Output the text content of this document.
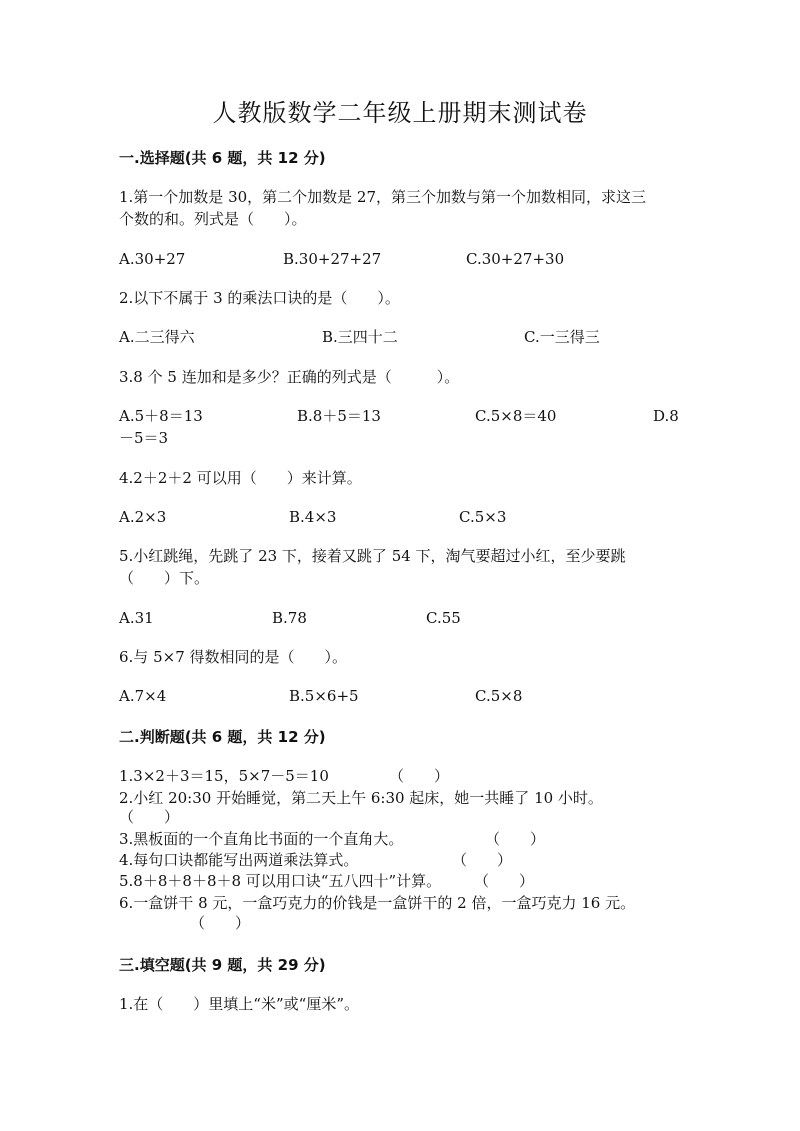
人教版数学二年级上册期末测试卷
一.选择题(共 6 题，共 12 分)
1.第一个加数是 30，第二个加数是 27，第三个加数与第一个加数相同，求这三
个数的和。列式是（　　）。
A.30+27	B.30+27+27	C.30+27+30
2.以下不属于 3 的乘法口诀的是（　　）。
A.二三得六	B.三四十二	C.一三得三
3.8 个 5 连加和是多少？正确的列式是（　　　）。
A.5＋8＝13	B.8＋5＝13	C.5×8＝40	D.8
－5＝3
4.2＋2＋2 可以用（　　）来计算。
A.2×3	B.4×3	C.5×3
5.小红跳绳，先跳了 23 下，接着又跳了 54 下，淘气要超过小红，至少要跳
（　　）下。
A.31	B.78	C.55
6.与 5×7 得数相同的是（　　）。
A.7×4	B.5×6+5	C.5×8
二.判断题(共 6 题，共 12 分)
1.3×2＋3＝15，5×7－5＝10	（　　）
2.小红 20:30 开始睡觉，第二天上午 6:30 起床，她一共睡了 10 小时。
（　　）
3.黑板面的一个直角比书面的一个直角大。	（　　）
4.每句口诀都能写出两道乘法算式。	（　　）
5.8＋8＋8＋8＋8 可以用口诀“五八四十”计算。 （　　）
6.一盒饼干 8 元，一盒巧克力的价钱是一盒饼干的 2 倍，一盒巧克力 16 元。
（　　）
三.填空题(共 9 题，共 29 分)
1.在（　　）里填上“米”或“厘米”。
